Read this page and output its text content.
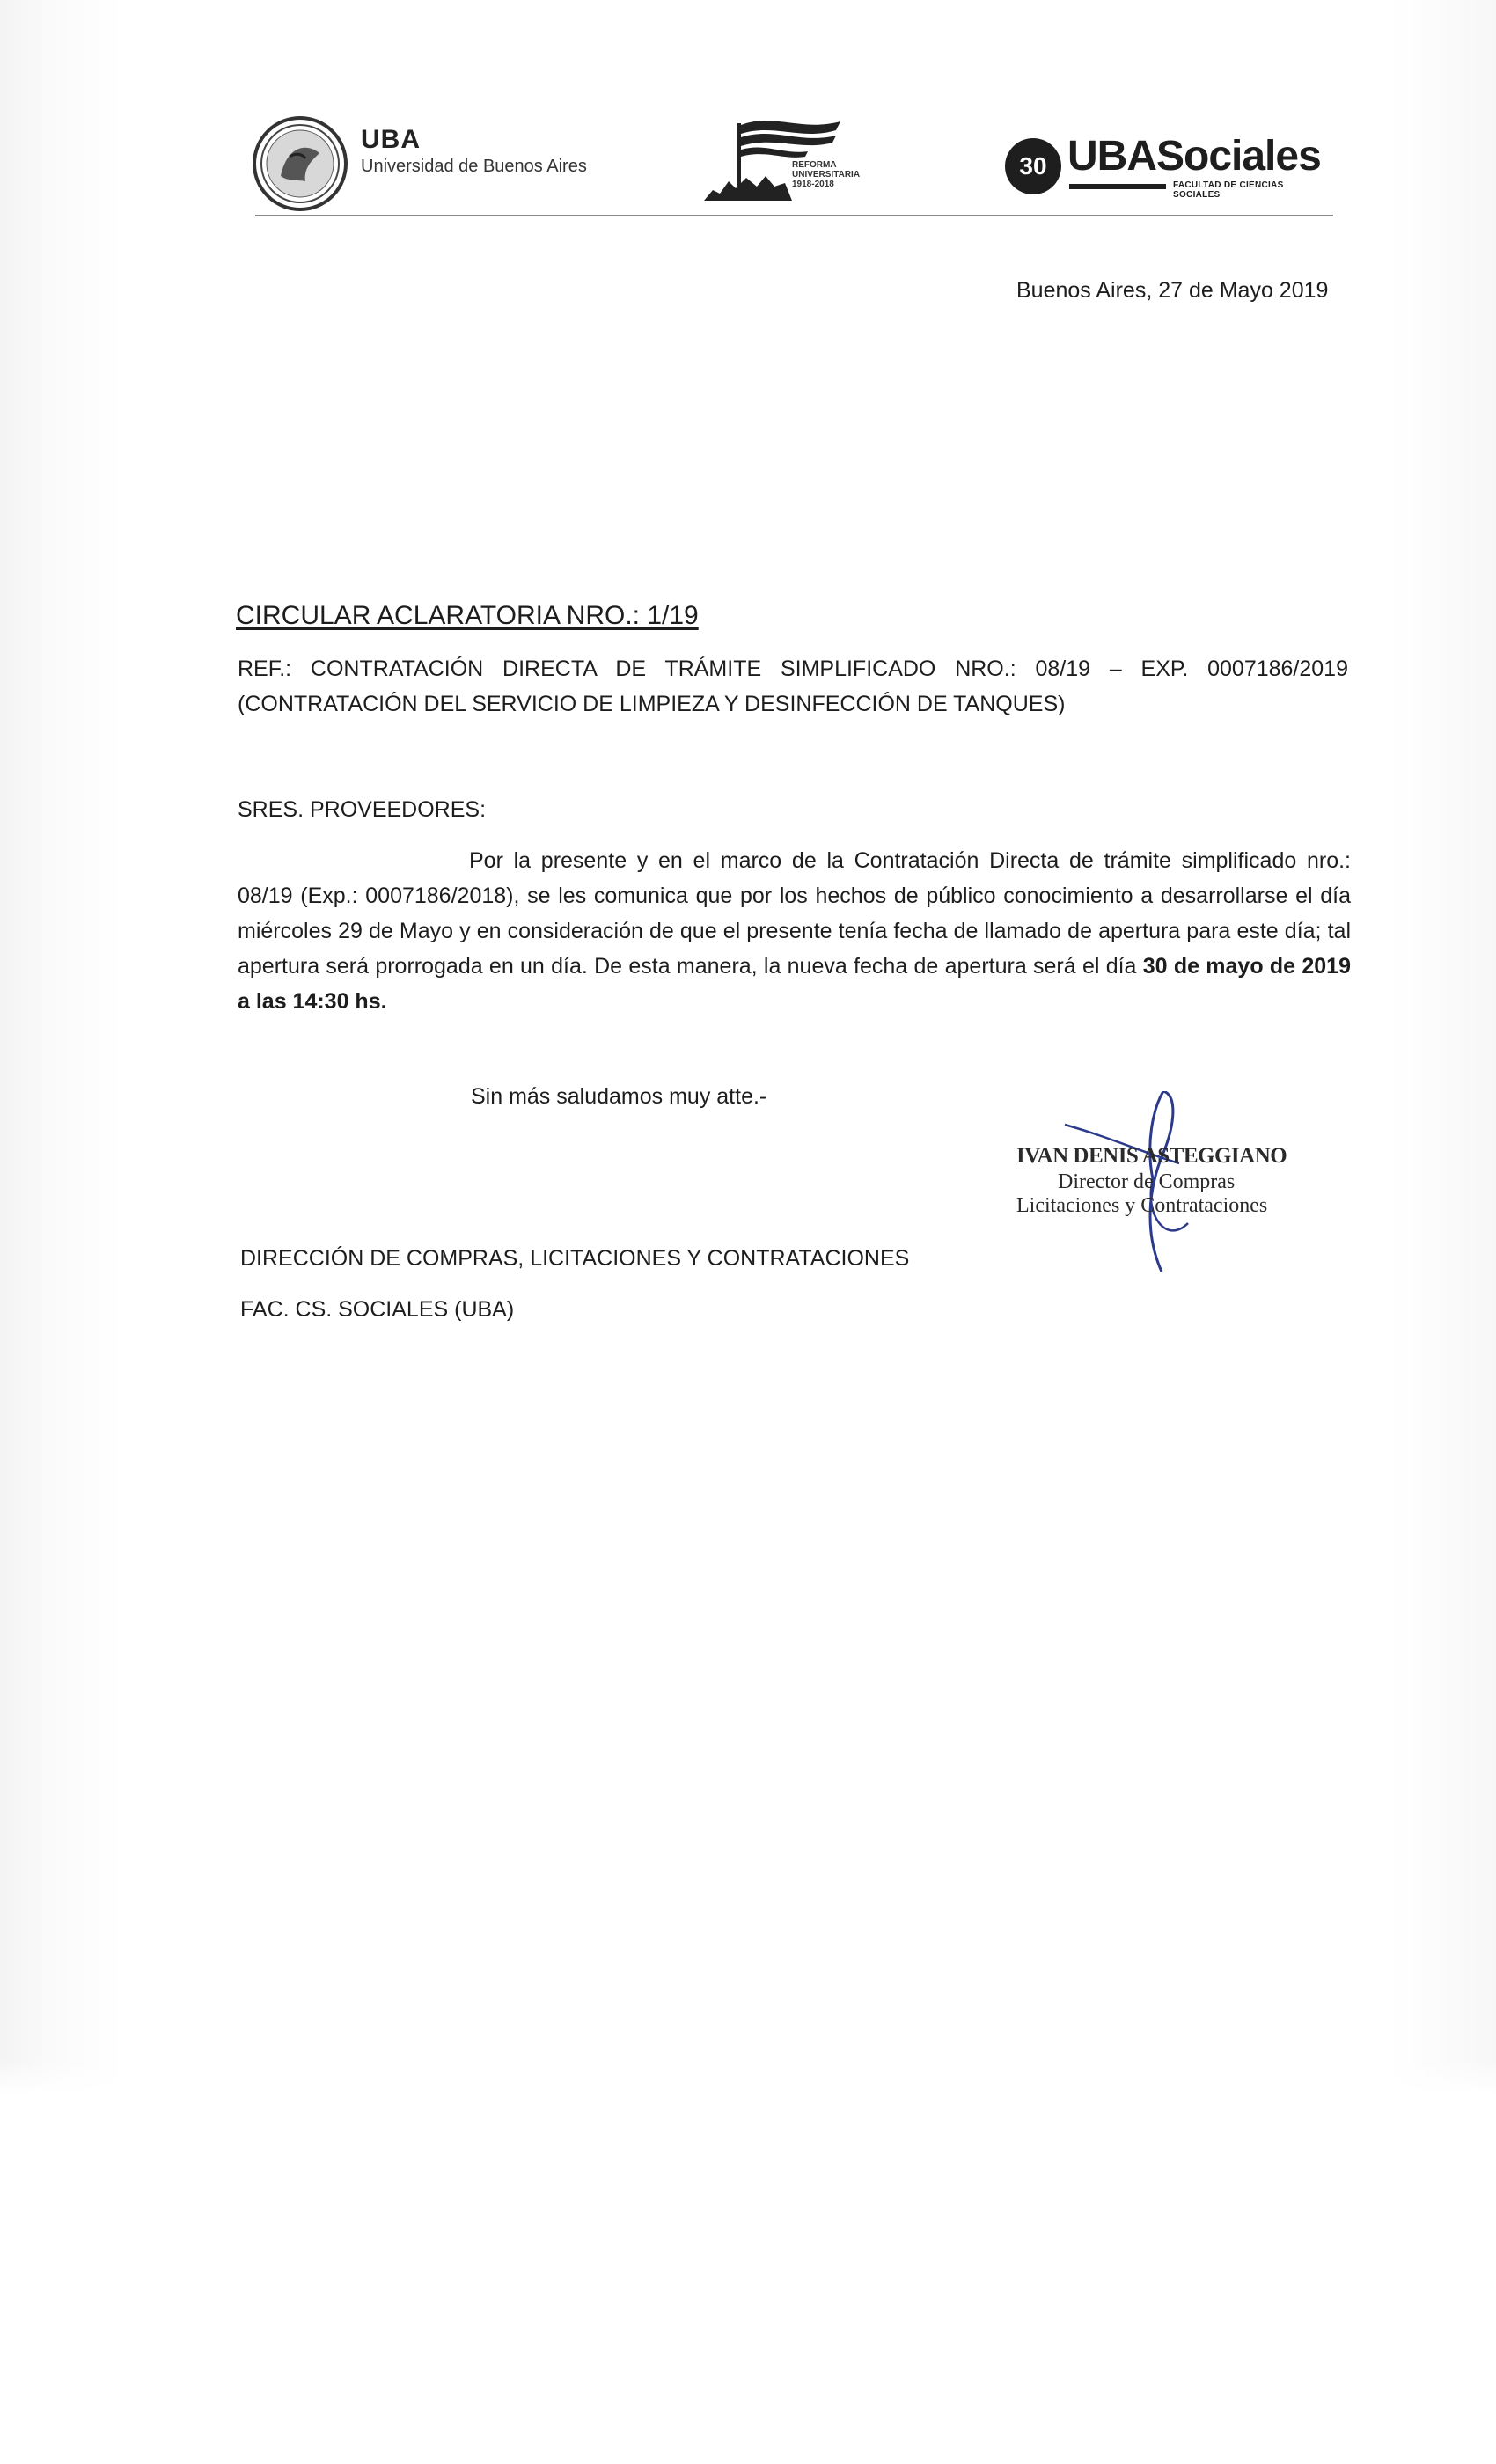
UBA
Universidad de Buenos Aires	REFORMA
UNIVERSITARIA
1918-2018
30 UBASociales
FACULTAD DE CIENCIAS SOCIALES
Buenos Aires, 27 de Mayo 2019
CIRCULAR ACLARATORIA NRO.: 1/19
REF.: CONTRATACIÓN DIRECTA DE TRÁMITE SIMPLIFICADO NRO.: 08/19 – EXP. 0007186/2019
(CONTRATACIÓN DEL SERVICIO DE LIMPIEZA Y DESINFECCIÓN DE TANQUES)
SRES. PROVEEDORES:
Por la presente y en el marco de la Contratación Directa de trámite simplificado nro.: 08/19 (Exp.: 0007186/2018), se les comunica que por los hechos de público conocimiento a desarrollarse el día miércoles 29 de Mayo y en consideración de que el presente tenía fecha de llamado de apertura para este día; tal apertura será prorrogada en un día. De esta manera, la nueva fecha de apertura será el día 30 de mayo de 2019 a las 14:30 hs.
Sin más saludamos muy atte.-
IVAN DENIS ASTEGGIANO
Director de Compras
Licitaciones y Contrataciones
DIRECCIÓN DE COMPRAS, LICITACIONES Y CONTRATACIONES
FAC. CS. SOCIALES (UBA)
